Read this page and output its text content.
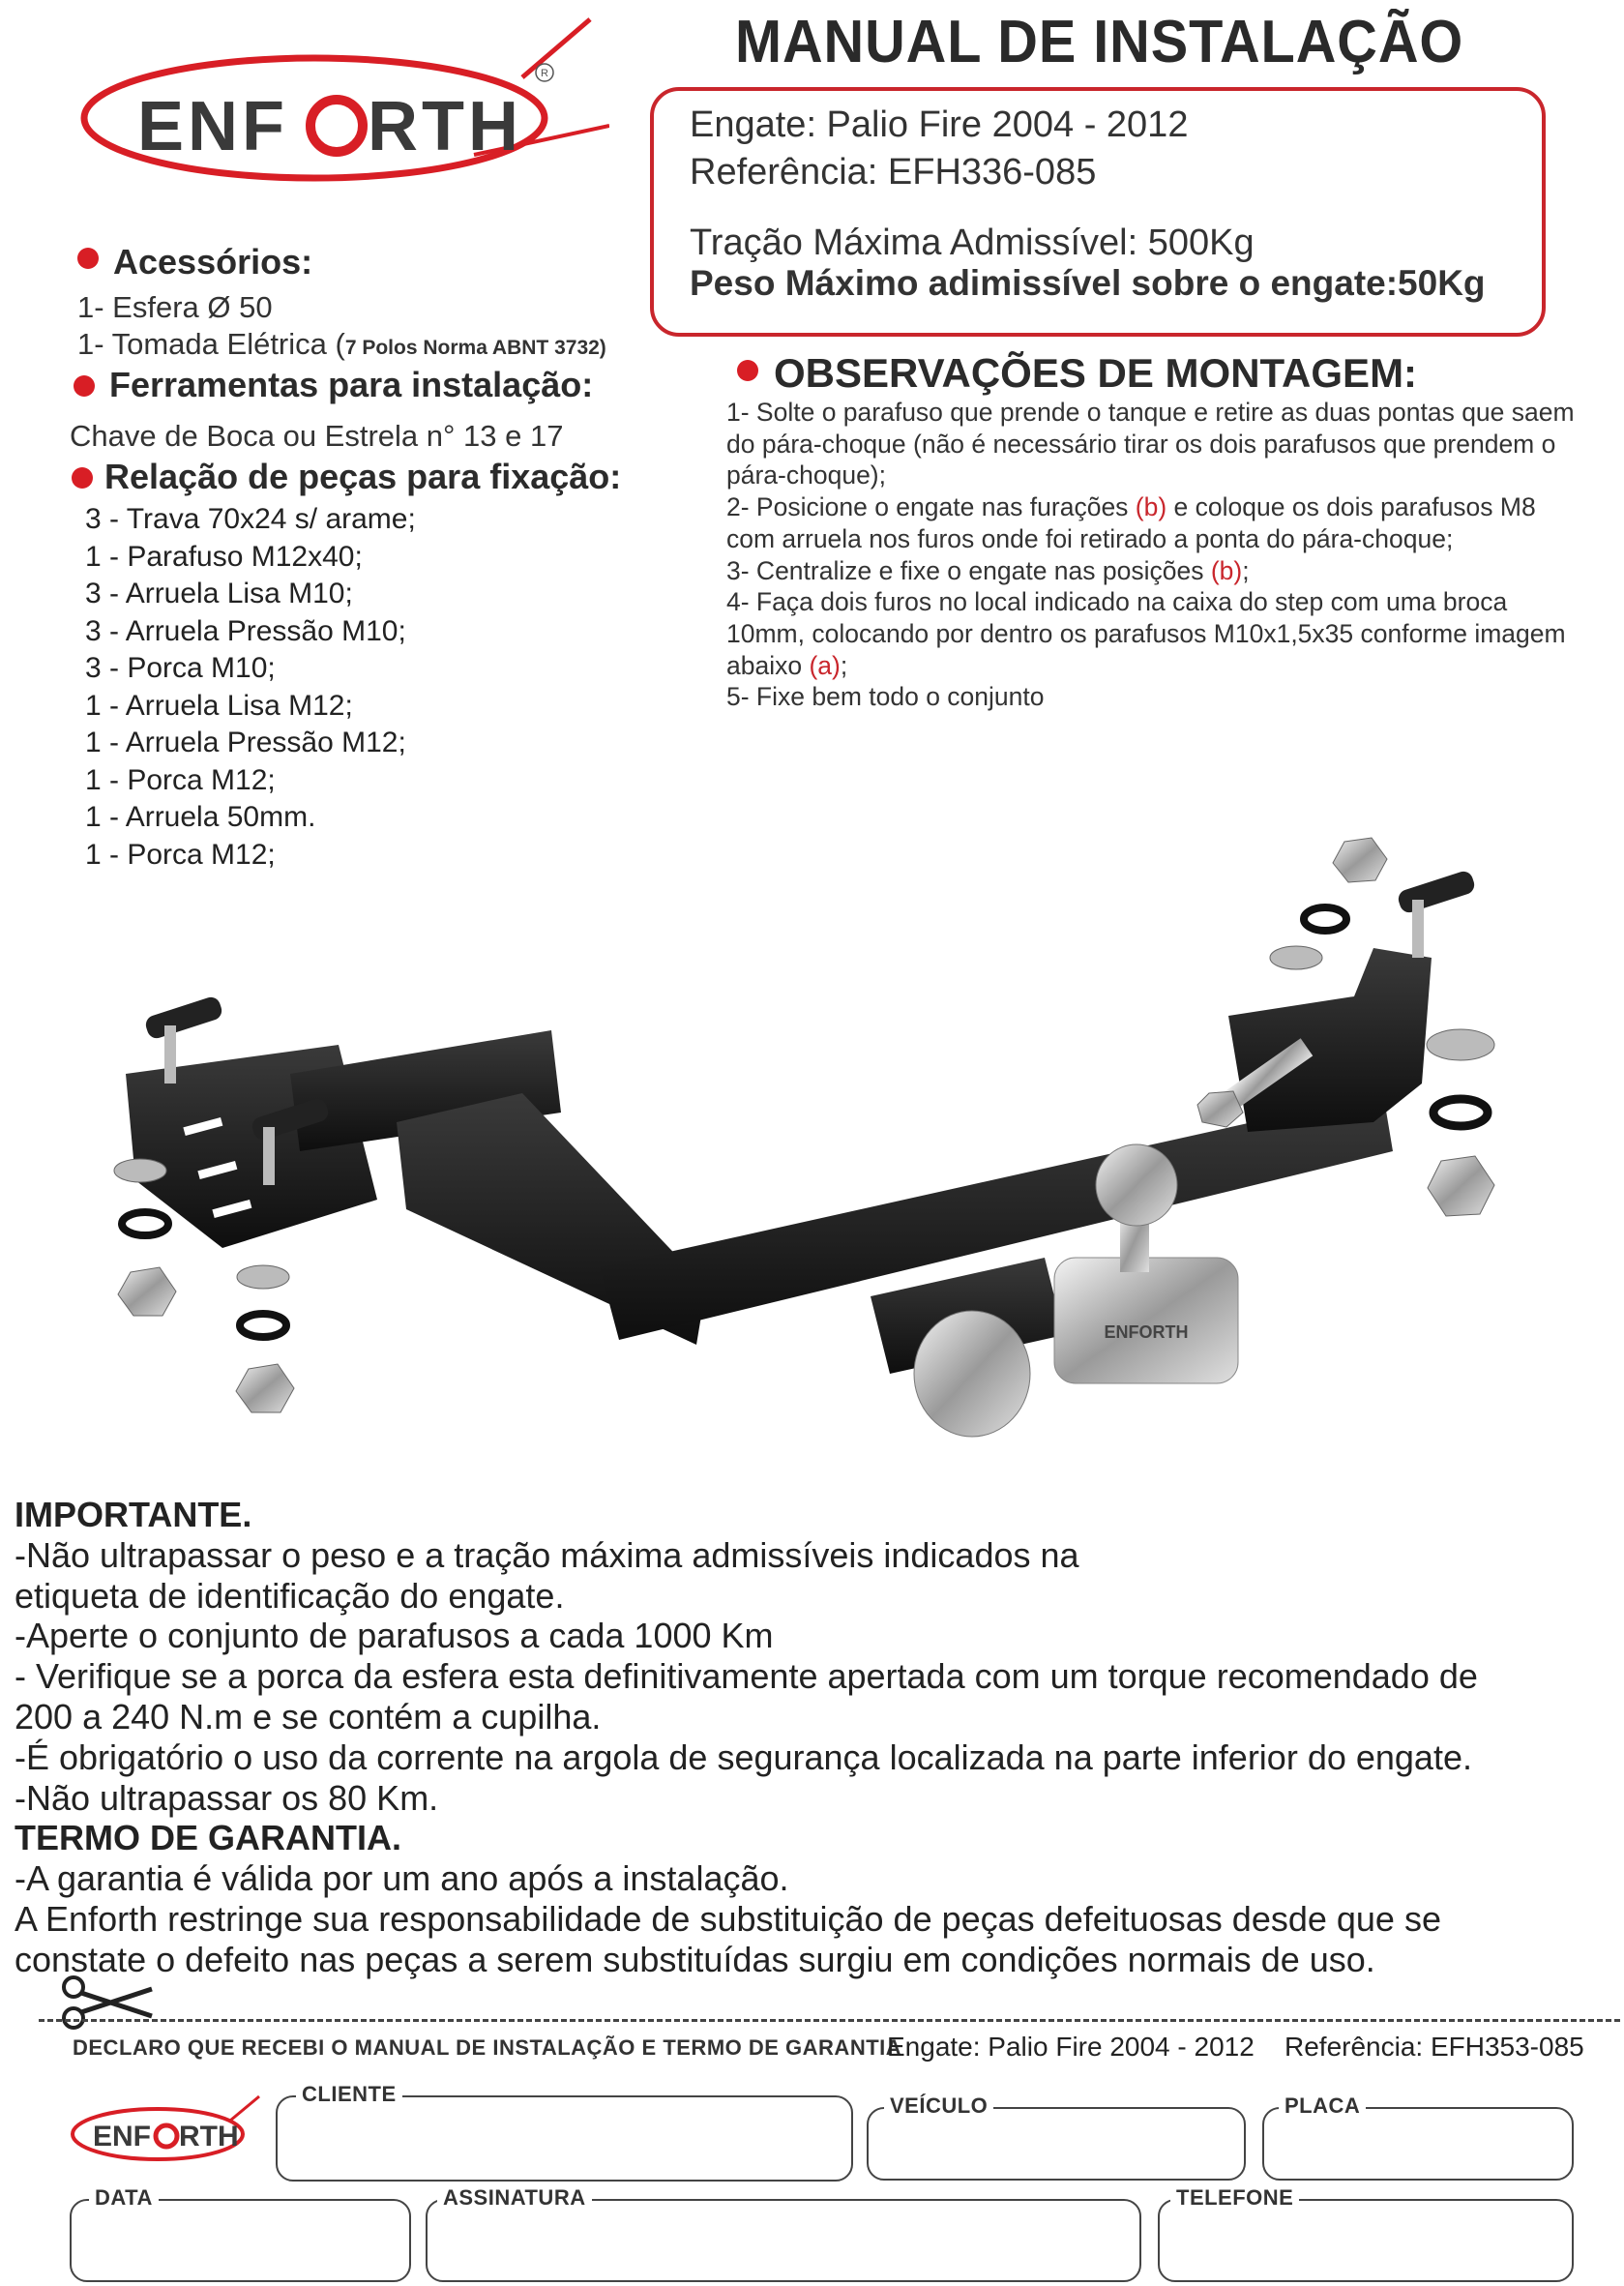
R
ENF RTH
MANUAL DE INSTALAÇÃO
Engate: Palio Fire 2004 - 2012
Referência: EFH336-085
Tração Máxima Admissível: 500Kg
Peso Máximo adimissível sobre o engate:50Kg
Acessórios:
1- Esfera Ø 50
1- Tomada Elétrica (7 Polos Norma ABNT 3732)
Ferramentas para instalação:
Chave de Boca ou Estrela n° 13 e 17
Relação de peças para fixação:
3 - Trava 70x24 s/ arame;
1 - Parafuso M12x40;
3 - Arruela Lisa M10;
3 - Arruela Pressão M10;
3 - Porca M10;
1 - Arruela Lisa M12;
1 - Arruela Pressão M12;
1 - Porca M12;
1 - Arruela 50mm.
1 - Porca M12;
OBSERVAÇÕES DE MONTAGEM:

1- Solte o parafuso que prende o tanque e retire as duas pontas que saem do pára-choque (não é necessário tirar os dois parafusos que prendem o pára-choque);

2- Posicione o engate nas furações (b) e coloque os dois parafusos M8 com arruela nos furos onde foi retirado a ponta do pára-choque;

3- Centralize e fixe o engate nas posições (b);

4- Faça dois furos no local indicado na caixa do step com uma broca 10mm, colocando por dentro os parafusos M10x1,5x35 conforme imagem abaixo (a);

5- Fixe bem todo o conjunto

ENFORTH
IMPORTANTE.
-Não ultrapassar o peso e a tração máxima admissíveis indicados na
etiqueta de identificação do engate.
-Aperte o conjunto de parafusos a cada 1000 Km
- Verifique se a porca da esfera esta definitivamente apertada com um torque recomendado de
200 a 240 N.m e se contém a cupilha.
-É obrigatório o uso da corrente na argola de segurança localizada na parte inferior do engate.
-Não ultrapassar os 80 Km.
TERMO DE GARANTIA.
-A garantia é válida por um ano após a instalação.
A Enforth restringe sua responsabilidade de substituição de peças defeituosas desde que se
constate o defeito nas peças a serem substituídas surgiu em condições normais de uso.
DECLARO QUE RECEBI O MANUAL DE INSTALAÇÃO E TERMO DE GARANTIA
Engate: Palio Fire 2004 - 2012 Referência: EFH353-085
ENF RTH
CLIENTE	VEÍCULO	PLACA
DATA	ASSINATURA	TELEFONE
